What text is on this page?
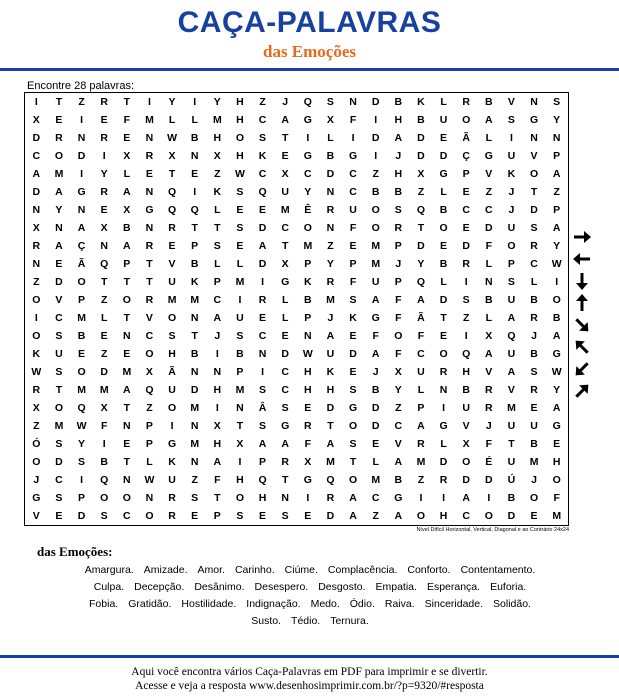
CAÇA-PALAVRAS
das Emoções
Encontre 28 palavras:
I	T	Z	R	T	I	Y	I	Y	H	Z	J	Q	S	N	D	B	K	L	R	B	V	N	S
X	E	I	E	F	M	L	L	M	H	C	A	G	X	F	I	H	B	U	O	A	S	G	Y
D	R	N	R	E	N	W	B	H	O	S	T	I	L	I	D	A	D	E	Ã	L	I	N	N
C	O	D	I	X	R	X	N	X	H	K	E	G	B	G	I	J	D	D	Ç	G	U	V	P
A	M	I	Y	L	E	T	E	Z	W	C	X	C	D	C	Z	H	X	G	P	V	K	O	A
D	A	G	R	A	N	Q	I	K	S	Q	U	Y	N	C	B	B	Z	L	E	Z	J	T	Z
N	Y	N	E	X	G	Q	Q	L	E	E	M	Ê	R	U	O	S	Q	B	C	C	J	D	P
X	N	A	X	B	N	R	T	T	S	D	C	O	N	F	O	R	T	O	E	D	U	S	A
R	A	Ç	N	A	R	E	P	S	E	A	T	M	Z	E	M	P	D	E	D	F	O	R	Y
N	E	Ã	Q	P	T	V	B	L	L	D	X	P	Y	P	M	J	Y	B	R	L	P	C	W
Z	D	O	T	T	T	U	K	P	M	I	G	K	R	F	U	P	Q	L	I	N	S	L	I
O	V	P	Z	O	R	M	M	C	I	R	L	B	M	S	A	F	A	D	S	B	U	B	O
I	C	M	L	T	V	O	N	A	U	E	L	P	J	K	G	F	Ã	T	Z	L	A	R	B
O	S	B	E	N	C	S	T	J	S	C	E	N	A	E	F	O	F	E	I	X	Q	J	A
K	U	E	Z	E	O	H	B	I	B	N	D	W	U	D	A	F	C	O	Q	A	U	B	G
W	S	O	D	M	X	Ã	N	N	P	I	C	H	K	E	J	X	U	R	H	V	A	S	W
R	T	M	M	A	Q	U	D	H	M	S	C	H	H	S	B	Y	L	N	B	R	V	R	Y
X	O	Q	X	T	Z	O	M	I	N	Â	S	E	D	G	D	Z	P	I	U	R	M	E	A
Z	M	W	F	N	P	I	N	X	T	S	G	R	T	O	D	C	A	G	V	J	U	U	G
Ó	S	Y	I	E	P	G	M	H	X	A	A	F	A	S	E	V	R	L	X	F	T	B	E
O	D	S	B	T	L	K	N	A	I	P	R	X	M	T	L	A	M	D	O	É	U	M	H
J	C	I	Q	N	W	U	Z	F	H	Q	T	G	Q	O	M	B	Z	R	D	D	Ú	J	O
G	S	P	O	O	N	R	S	T	O	H	N	I	R	A	C	G	I	I	A	I	B	O	F
V	E	D	S	C	O	R	E	P	S	E	S	E	D	A	Z	A	O	H	C	O	D	E	M
Nível Difícil Horizontal, Vertical, Diagonal e ao Contrário 24x24
das Emoções:
Amargura. Amizade. Amor. Carinho. Ciúme. Complacência. Conforto. Contentamento.
Culpa. Decepção. Desânimo. Desespero. Desgosto. Empatia. Esperança. Euforia.
Fobia. Gratidão. Hostilidade. Indignação. Medo. Ódio. Raiva. Sinceridade. Solidão.
Susto. Tédio. Ternura.
Aqui você encontra vários Caça-Palavras em PDF para imprimir e se divertir.
Acesse e veja a resposta www.desenhosimprimir.com.br/?p=9320/#resposta
